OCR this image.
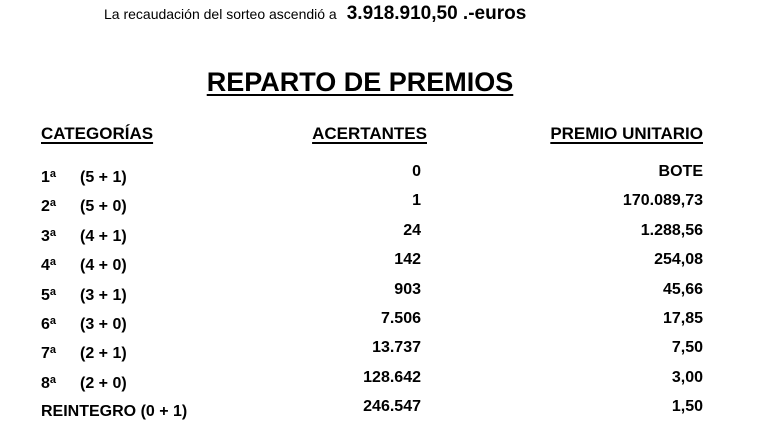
La recaudación del sorteo ascendió a 3.918.910,50 .-euros
REPARTO DE PREMIOS
CATEGORÍAS	ACERTANTES	PREMIO UNITARIO
1$^a$ (5 + 1)	0	BOTE
2$^a$ (5 + 0)	1	170.089,73
3$^a$ (4 + 1)	24	1.288,56
4$^a$ (4 + 0)	142	254,08
5$^a$ (3 + 1)	903	45,66
6$^a$ (3 + 0)	7.506	17,85
7$^a$ (2 + 1)	13.737	7,50
8$^a$ (2 + 0)	128.642	3,00
REINTEGRO (0 + 1)	246.547	1,50
